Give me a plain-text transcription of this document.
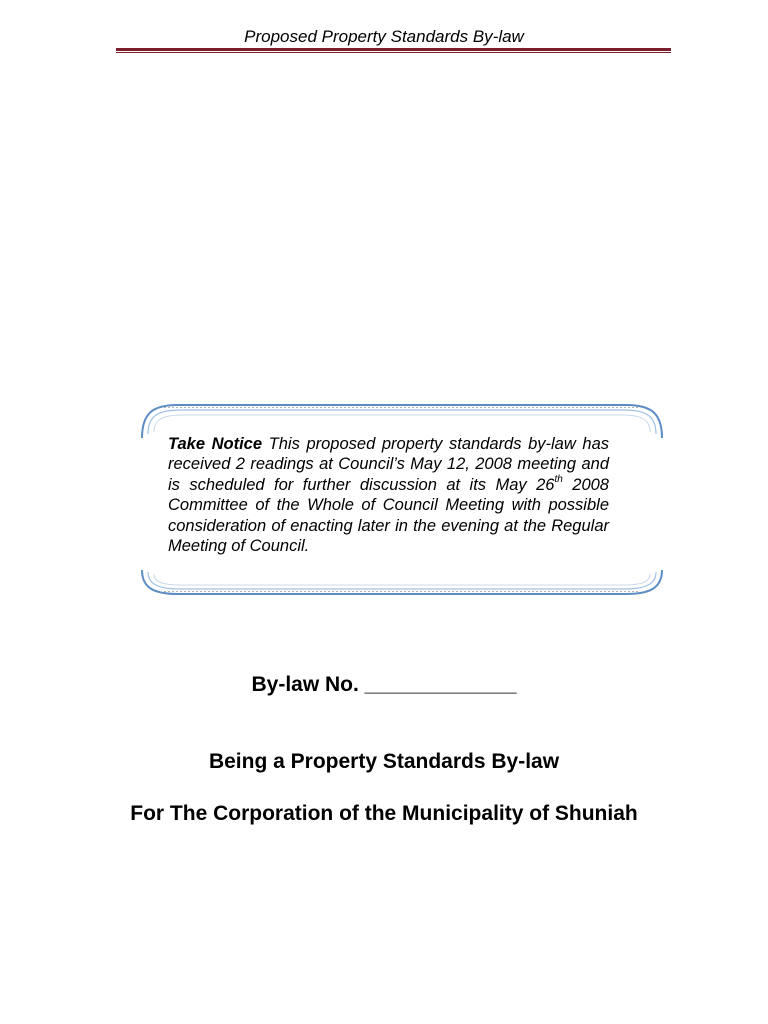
Proposed Property Standards By-law
Take Notice This proposed property standards by-law has received 2 readings at Council’s May 12, 2008 meeting and is scheduled for further discussion at its May 26th 2008 Committee of the Whole of Council Meeting with possible consideration of enacting later in the evening at the Regular Meeting of Council.
By-law No. _____________
Being a Property Standards By-law
For The Corporation of the Municipality of Shuniah
